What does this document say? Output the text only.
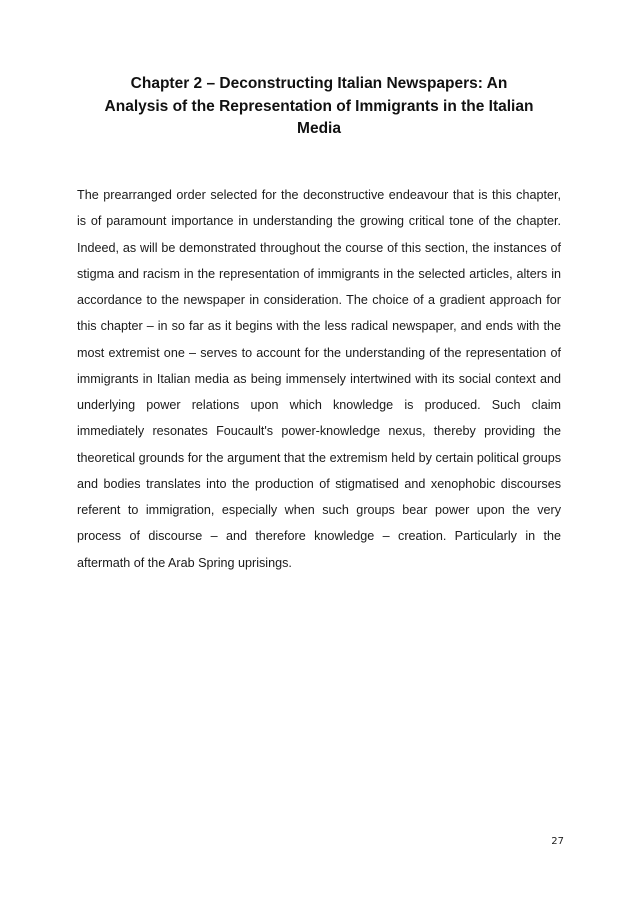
Chapter 2 – Deconstructing Italian Newspapers: An
Analysis of the Representation of Immigrants in the Italian
Media

The prearranged order selected for the deconstructive endeavour that is this chapter, is of paramount importance in understanding the growing critical tone of the chapter. Indeed, as will be demonstrated throughout the course of this section, the instances of stigma and racism in the representation of immigrants in the selected articles, alters in accordance to the newspaper in consideration. The choice of a gradient approach for this chapter – in so far as it begins with the less radical newspaper, and ends with the most extremist one – serves to account for the understanding of the representation of immigrants in Italian media as being immensely intertwined with its social context and underlying power relations upon which knowledge is produced. Such claim immediately resonates Foucault's power-knowledge nexus, thereby providing the theoretical grounds for the argument that the extremism held by certain political groups and bodies translates into the production of stigmatised and xenophobic discourses referent to immigration, especially when such groups bear power upon the very process of discourse – and therefore knowledge – creation. Particularly in the aftermath of the Arab Spring uprisings.

27
